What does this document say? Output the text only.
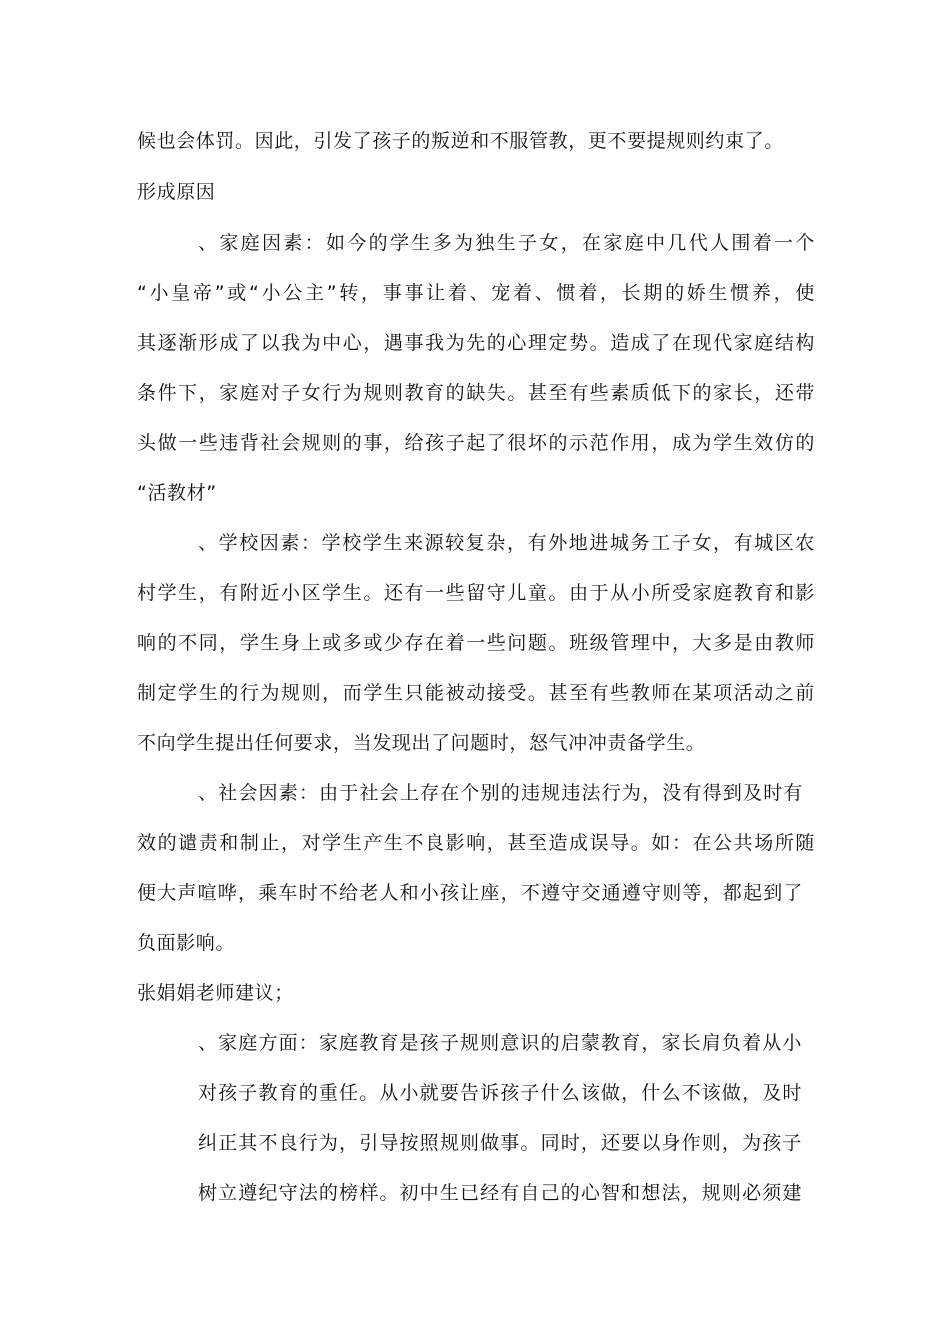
候也会体罚。因此，引发了孩子的叛逆和不服管教，更不要提规则约束了。
形成原因
、家庭因素：如今的学生多为独生子女，在家庭中几代人围着一个
“小皇帝”或“小公主”转，事事让着、宠着、惯着，长期的娇生惯养，使
其逐渐形成了以我为中心，遇事我为先的心理定势。造成了在现代家庭结构
条件下，家庭对子女行为规则教育的缺失。甚至有些素质低下的家长，还带
头做一些违背社会规则的事，给孩子起了很坏的示范作用，成为学生效仿的
“活教材”
、学校因素：学校学生来源较复杂，有外地进城务工子女，有城区农
村学生，有附近小区学生。还有一些留守儿童。由于从小所受家庭教育和影
响的不同，学生身上或多或少存在着一些问题。班级管理中，大多是由教师
制定学生的行为规则，而学生只能被动接受。甚至有些教师在某项活动之前
不向学生提出任何要求，当发现出了问题时，怒气冲冲责备学生。
、社会因素：由于社会上存在个别的违规违法行为，没有得到及时有
效的谴责和制止，对学生产生不良影响，甚至造成误导。如：在公共场所随
便大声喧哗，乘车时不给老人和小孩让座，不遵守交通遵守则等，都起到了
负面影响。
张娟娟老师建议；
、家庭方面：家庭教育是孩子规则意识的启蒙教育，家长肩负着从小
对孩子教育的重任。从小就要告诉孩子什么该做，什么不该做，及时
纠正其不良行为，引导按照规则做事。同时，还要以身作则，为孩子
树立遵纪守法的榜样。初中生已经有自己的心智和想法，规则必须建
